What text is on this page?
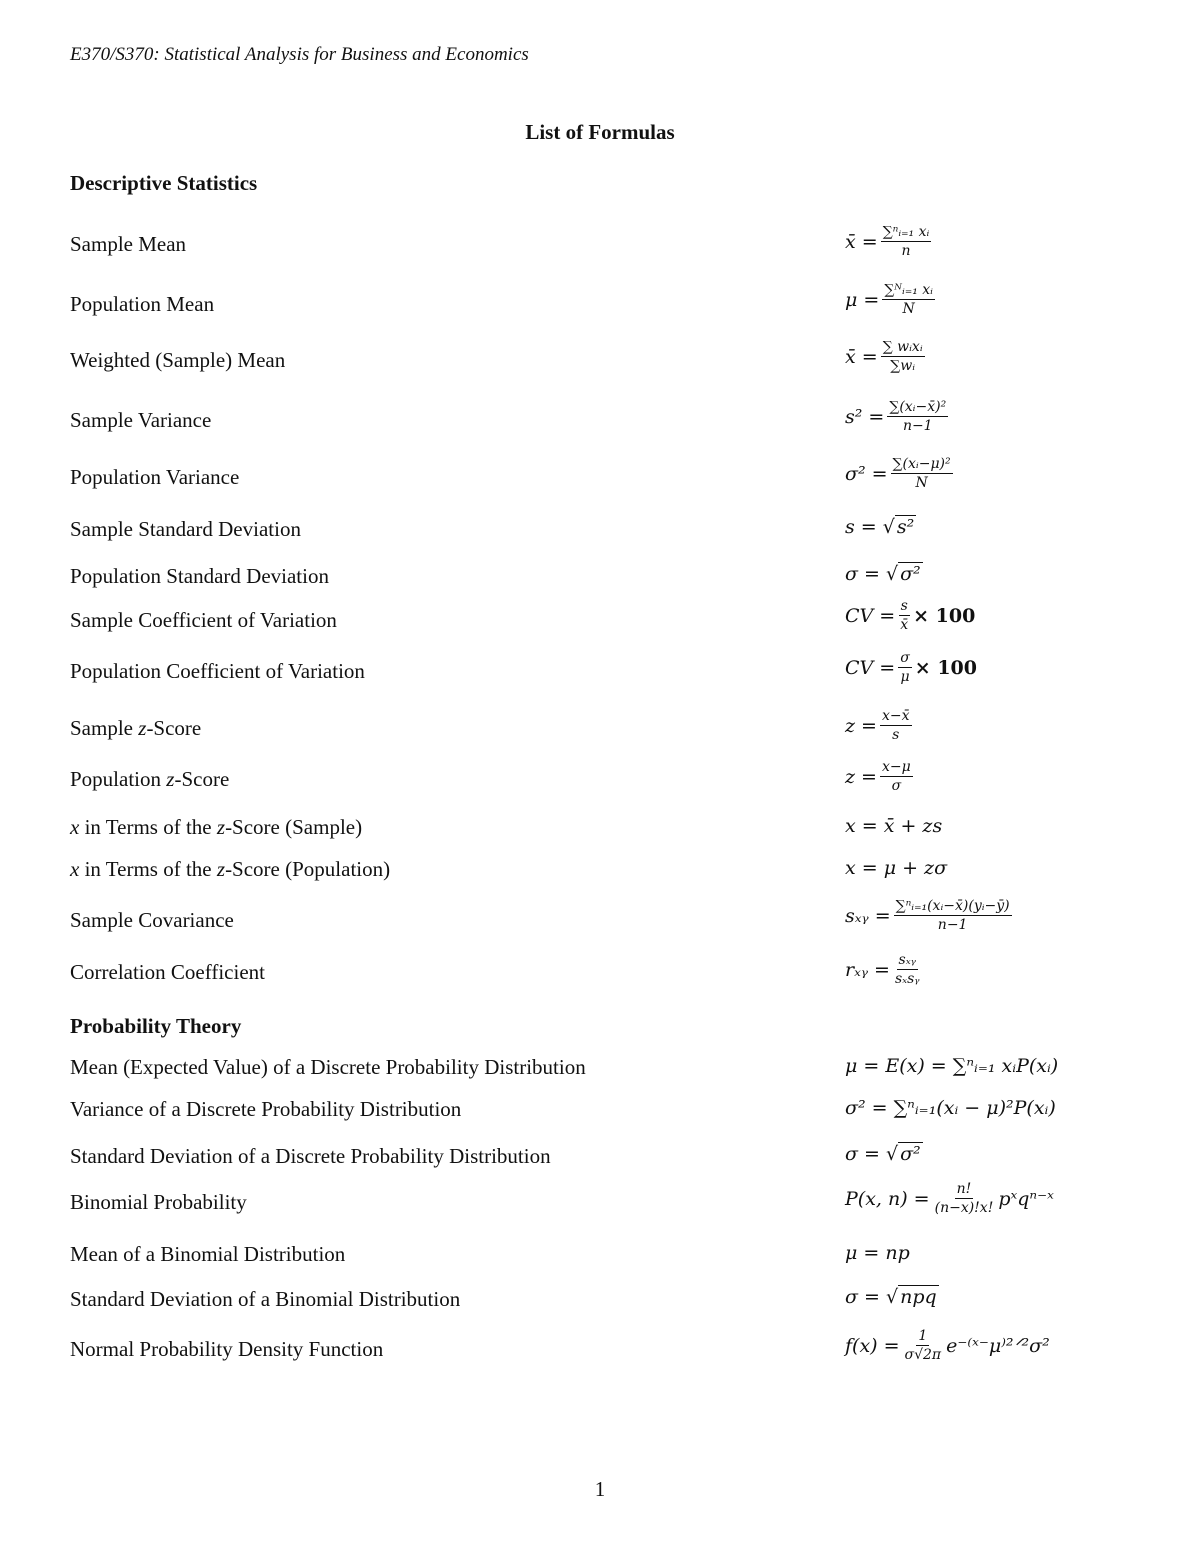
E370/S370: Statistical Analysis for Business and Economics
List of Formulas
Descriptive Statistics
Sample Mean	x̄ = $\frac{\text{∑ⁿᵢ₌₁ xᵢ}}{n}$
Population Mean	$\mu = \frac{\text{∑ᴺᵢ₌₁ xᵢ}}{N}$
Weighted (Sample) Mean	x̄ = $\frac{\text{∑ wᵢxᵢ}}{\text{∑wᵢ}}$
Sample Variance	$s^2 = \frac{\text{∑(xᵢ−x̄)²}}{n-1}$
Population Variance	$\sigma^2 = \frac{\text{∑(xᵢ−μ)²}}{N}$
Sample Standard Deviation	s = √ s²
Population Standard Deviation	σ = √ σ²
Sample Coefficient of Variation	CV = $\frac{s}{x̄} \times 100$
Population Coefficient of Variation	CV = $\frac{\sigma}{\mu} \times 100$
Sample z-Score	$z = \frac{x-x̄}{s}$
Population z-Score	$z = \frac{x-\mu}{\sigma}$
x in Terms of the z-Score (Sample)	x = x̄ + zs
x in Terms of the z-Score (Population)	x = μ + zσ
Sample Covariance	sₓᵧ = $\frac{\text{∑ⁿᵢ₌₁(xᵢ−x̄)(yᵢ−ȳ)}}{n-1}$
Correlation Coefficient	rₓᵧ = $\frac{\text{sₓᵧ}}{\text{sₓsᵧ}}$
Probability Theory
Mean (Expected Value) of a Discrete Probability Distribution	μ = E(x) = ∑ⁿᵢ₌₁ xᵢP(xᵢ)
Variance of a Discrete Probability Distribution	σ² = ∑ⁿᵢ₌₁(xᵢ − μ)²P(xᵢ)
Standard Deviation of a Discrete Probability Distribution	σ = √ σ²
Binomial Probability	P(x, $n) = \frac{n!}{(n-x)!x!}$ pˣqⁿ⁻ˣ
Mean of a Binomial Distribution	μ = np
Standard Deviation of a Binomial Distribution	σ = √ npq
Normal Probability Density Function	$f(x) = \frac{1}{\sigma√2\pi}$ e⁻⁽ˣ⁻μ⁾²ᐟ²σ²
1
